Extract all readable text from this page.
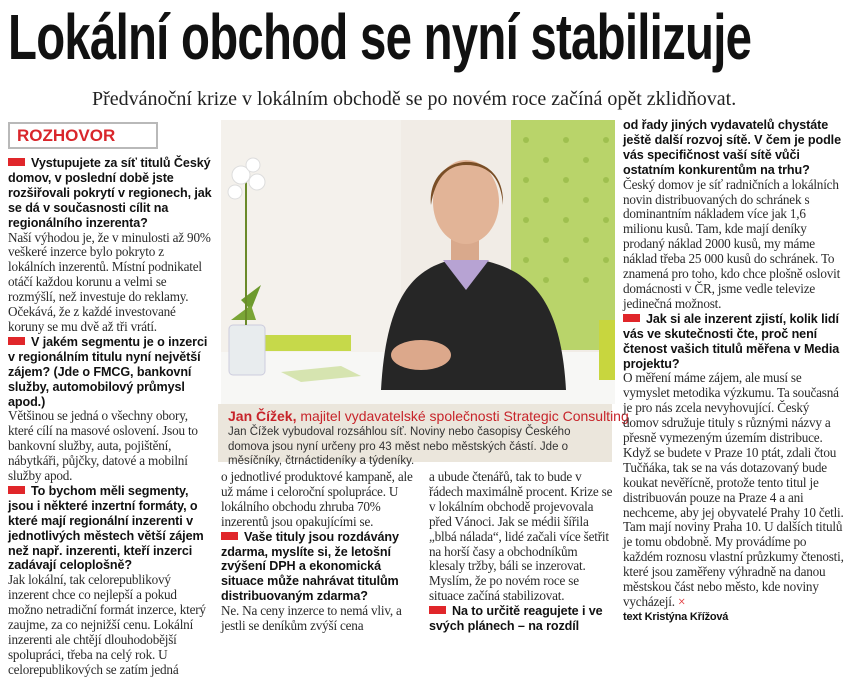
Lokální obchod se nyní stabilizuje
Předvánoční krize v lokálním obchodě se po novém roce začíná opět zklidňovat.
ROZHOVOR

Vystupujete za síť titulů Český domov, v poslední době jste rozšiřovali pokrytí v regionech, jak se dá v současnosti cílit na regionálního inzerenta?

Naší výhodou je, že v minulosti až 90% veškeré inzerce bylo pokryto z lokálních inzerentů. Místní podnikatel otáčí každou korunu a velmi se rozmýšlí, než investuje do reklamy. Očekává, že z každé investované koruny se mu dvě až tři vrátí.

V jakém segmentu je o inzerci v regionálním titulu nyní největší zájem? (Jde o FMCG, bankovní služby, automobilový průmysl apod.)

Většinou se jedná o všechny obory, které cílí na masové oslovení. Jsou to bankovní služby, auta, pojištění, nábytkáři, půjčky, datové a mobilní služby apod.

To bychom měli segmenty, jsou i některé inzertní formáty, o které mají regionální inzerenti v jednotlivých městech větší zájem než např. inzerenti, kteří inzerci zadávají celoplošně?

Jak lokální, tak celorepublikový inzerent chce co nejlepší a pokud možno netradiční formát inzerce, který zaujme, za co nejnižší cenu. Lokální inzerenti ale chtějí dlouhodobější spolupráci, třeba na celý rok. U celorepublikových se zatím jedná

Jan Čížek, majitel vydavatelské společnosti Strategic Consulting
Jan Čížek vybudoval rozsáhlou síť. Noviny nebo časopisy Českého domova jsou nyní určeny pro 43 měst nebo městských částí. Jde o měsíčníky, čtrnáctideníky a týdeníky.

o jednotlivé produktové kampaně, ale už máme i celoroční spolupráce. U lokálního obchodu zhruba 70% inzerentů jsou opakujícími se.

Vaše tituly jsou rozdávány zdarma, myslíte si, že letošní zvýšení DPH a ekonomická situace může nahrávat titulům distribuovaným zdarma?

Ne. Na ceny inzerce to nemá vliv, a jestli se deníkům zvýší cena

a ubude čtenářů, tak to bude v řádech maximálně procent. Krize se v lokálním obchodě projevovala před Vánoci. Jak se médii šířila „blbá nálada“, lidé začali více šetřit na horší časy a obchodníkům klesaly tržby, báli se inzerovat. Myslím, že po novém roce se situace začíná stabilizovat.

Na to určitě reagujete i ve svých plánech – na rozdíl

od řady jiných vydavatelů chystáte ještě další rozvoj sítě. V čem je podle vás specifičnost vaší sítě vůči ostatním konkurentům na trhu?

Český domov je síť radničních a lokálních novin distribuovaných do schránek s dominantním nákladem více jak 1,6 milionu kusů. Tam, kde mají deníky prodaný náklad 2000 kusů, my máme náklad třeba 25 000 kusů do schránek. To znamená pro toho, kdo chce plošně oslovit domácnosti v ČR, jsme vedle televize jedinečná možnost.

Jak si ale inzerent zjistí, kolik lidí vás ve skutečnosti čte, proč není čtenost vašich titulů měřena v Media projektu?

O měření máme zájem, ale musí se vymyslet metodika výzkumu. Ta současná je pro nás zcela nevyhovující. Český domov sdružuje tituly s různými názvy a přesně vymezeným územím distribuce. Když se budete v Praze 10 ptát, zdali čtou Tučňáka, tak se na vás dotazovaný bude koukat nevěřícně, protože tento titul je distribuován pouze na Praze 4 a ani nechceme, aby jej obyvatelé Prahy 10 četli. Tam mají noviny Praha 10. U dalších titulů je tomu obdobně. My provádíme po každém roznosu vlastní průzkumy čtenosti, které jsou zaměřeny výhradně na danou městskou část nebo město, kde noviny vycházejí. ×

text Kristýna Křížová
